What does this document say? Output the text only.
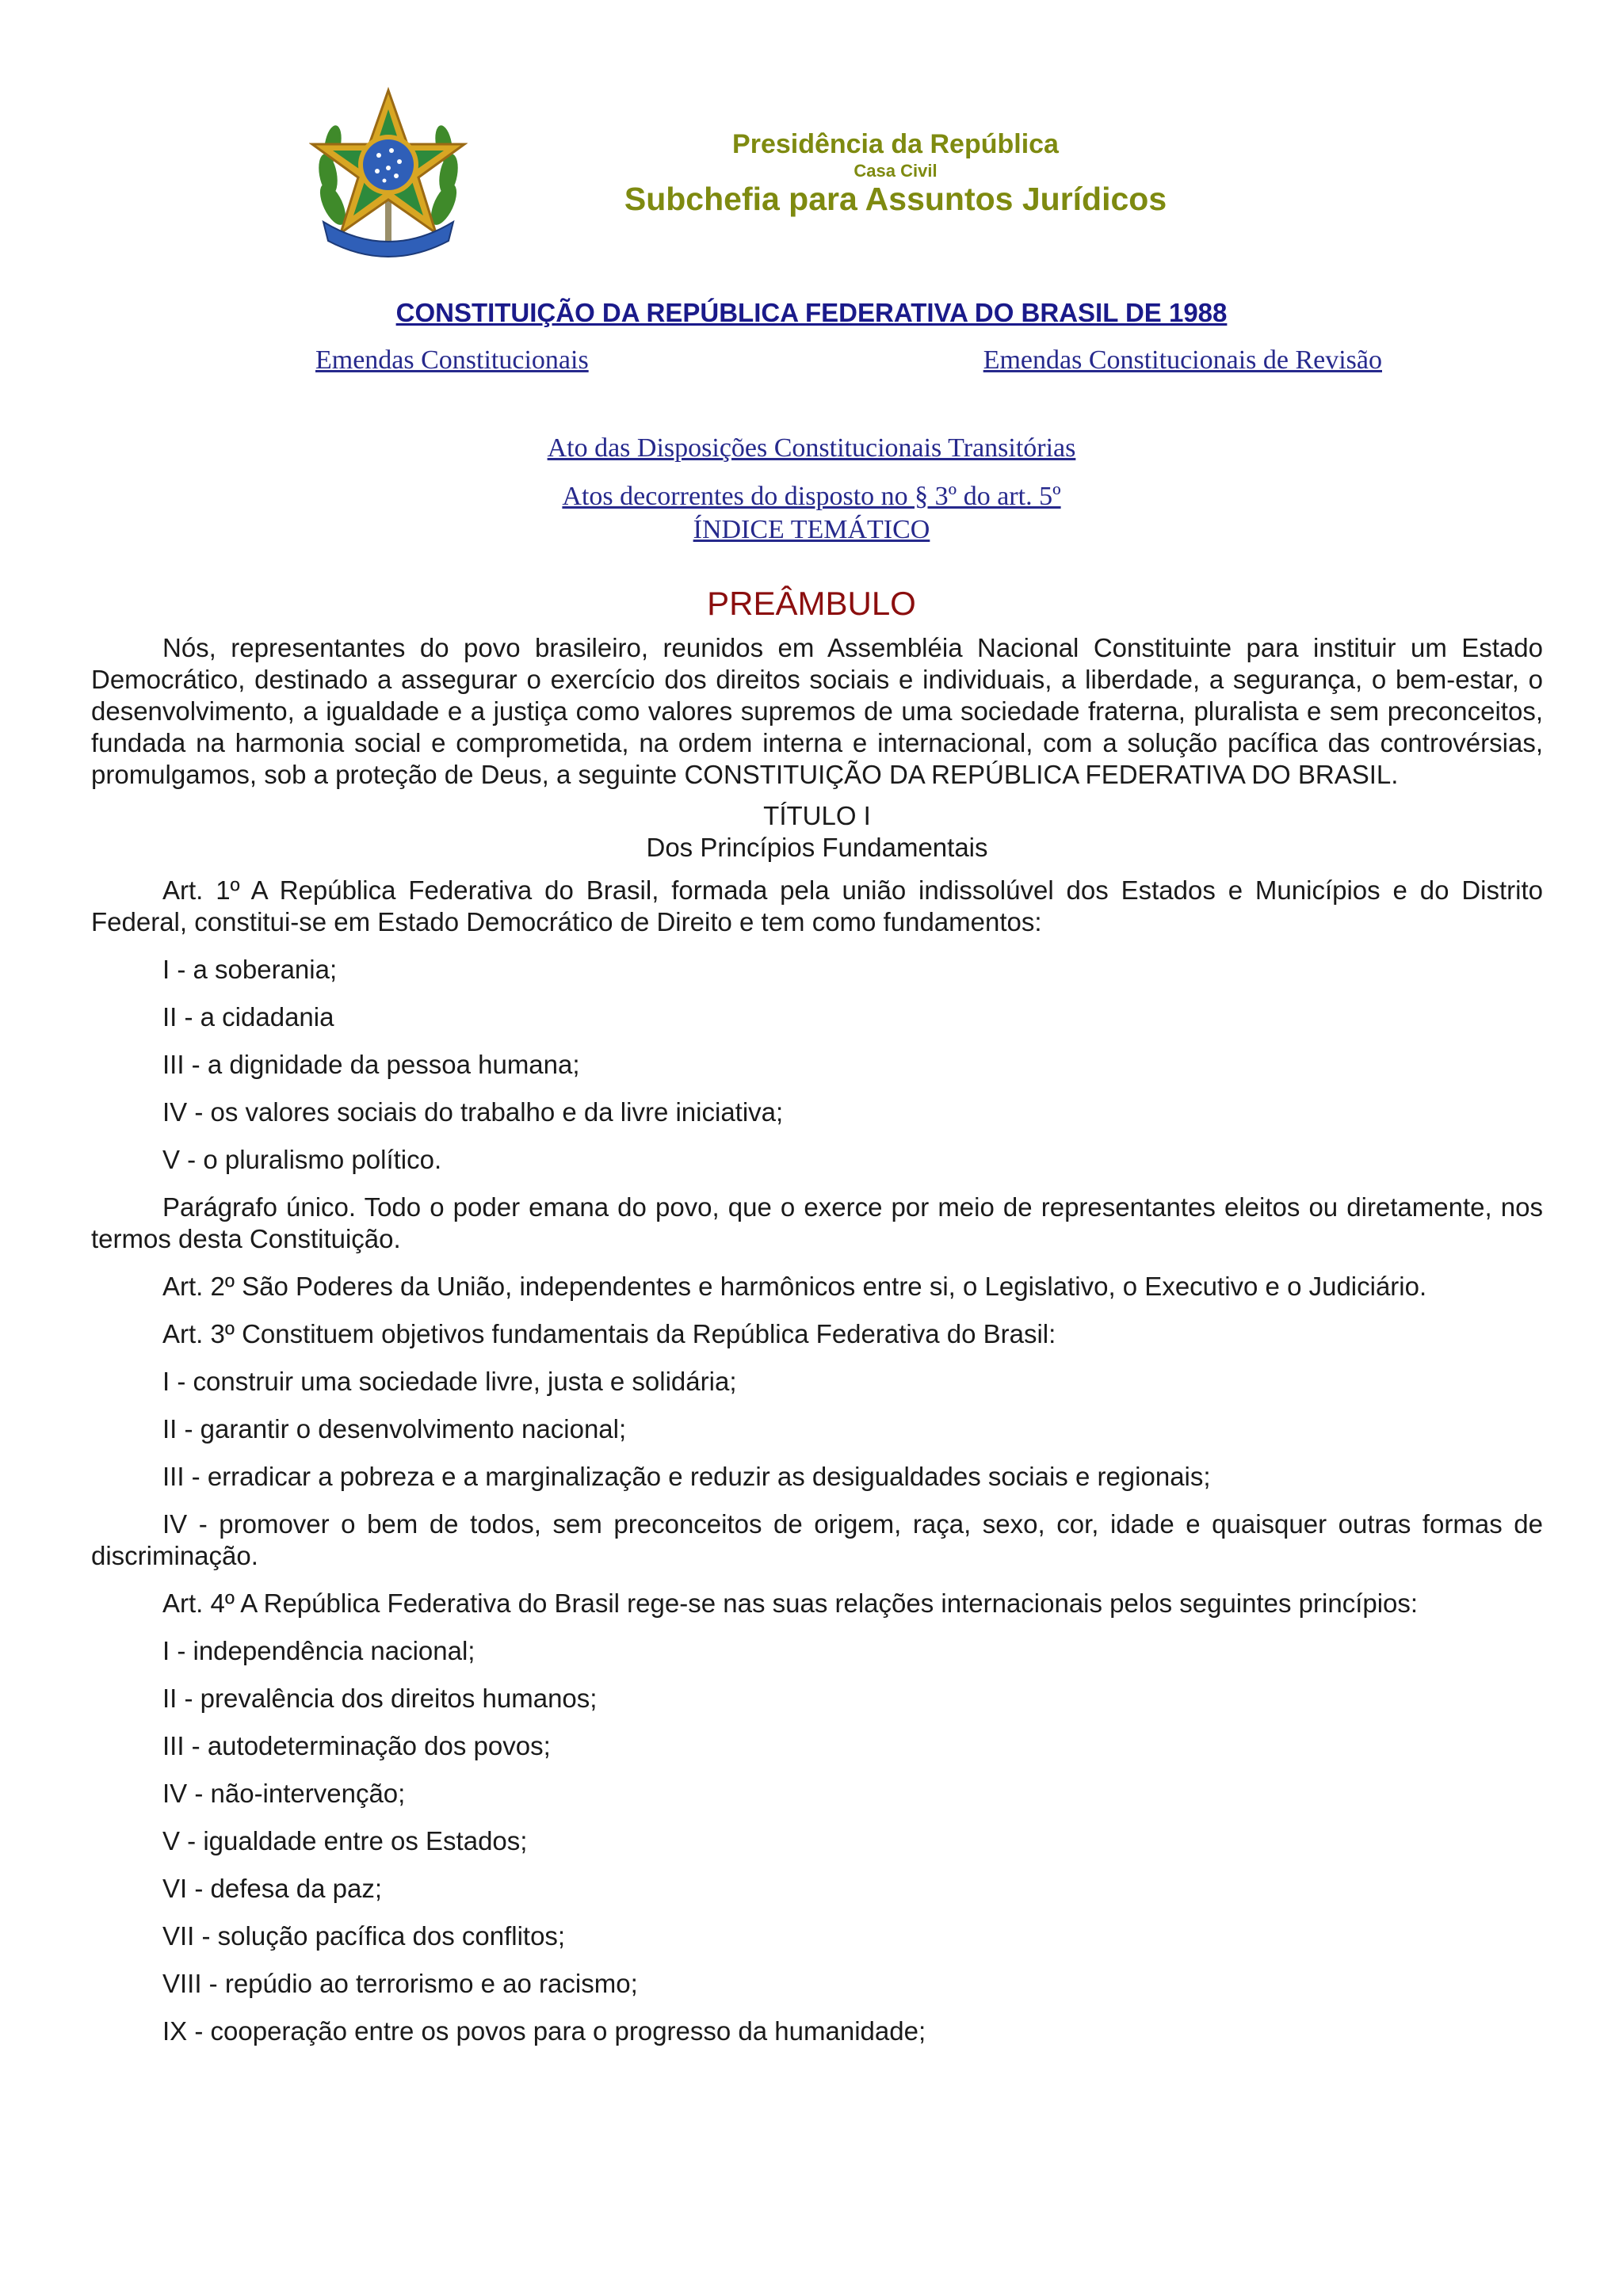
Presidência da República

Casa Civil

Subchefia para Assuntos Jurídicos

CONSTITUIÇÃO DA REPÚBLICA FEDERATIVA DO BRASIL DE 1988

Emendas Constitucionais	Emendas Constitucionais de Revisão

Ato das Disposições Constitucionais Transitórias

Atos decorrentes do disposto no § 3º do art. 5º

ÍNDICE TEMÁTICO

PREÂMBULO

Nós, representantes do povo brasileiro, reunidos em Assembléia Nacional Constituinte para instituir um Estado Democrático, destinado a assegurar o exercício dos direitos sociais e individuais, a liberdade, a segurança, o bem-estar, o desenvolvimento, a igualdade e a justiça como valores supremos de uma sociedade fraterna, pluralista e sem preconceitos, fundada na harmonia social e comprometida, na ordem interna e internacional, com a solução pacífica das controvérsias, promulgamos, sob a proteção de Deus, a seguinte CONSTITUIÇÃO DA REPÚBLICA FEDERATIVA DO BRASIL.

TÍTULO I
Dos Princípios Fundamentais

Art. 1º A República Federativa do Brasil, formada pela união indissolúvel dos Estados e Municípios e do Distrito Federal, constitui-se em Estado Democrático de Direito e tem como fundamentos:

I - a soberania;

II - a cidadania

III - a dignidade da pessoa humana;

IV - os valores sociais do trabalho e da livre iniciativa;

V - o pluralismo político.

Parágrafo único. Todo o poder emana do povo, que o exerce por meio de representantes eleitos ou diretamente, nos termos desta Constituição.

Art. 2º São Poderes da União, independentes e harmônicos entre si, o Legislativo, o Executivo e o Judiciário.

Art. 3º Constituem objetivos fundamentais da República Federativa do Brasil:

I - construir uma sociedade livre, justa e solidária;

II - garantir o desenvolvimento nacional;

III - erradicar a pobreza e a marginalização e reduzir as desigualdades sociais e regionais;

IV - promover o bem de todos, sem preconceitos de origem, raça, sexo, cor, idade e quaisquer outras formas de discriminação.

Art. 4º A República Federativa do Brasil rege-se nas suas relações internacionais pelos seguintes princípios:

I - independência nacional;

II - prevalência dos direitos humanos;

III - autodeterminação dos povos;

IV - não-intervenção;

V - igualdade entre os Estados;

VI - defesa da paz;

VII - solução pacífica dos conflitos;

VIII - repúdio ao terrorismo e ao racismo;

IX - cooperação entre os povos para o progresso da humanidade;
